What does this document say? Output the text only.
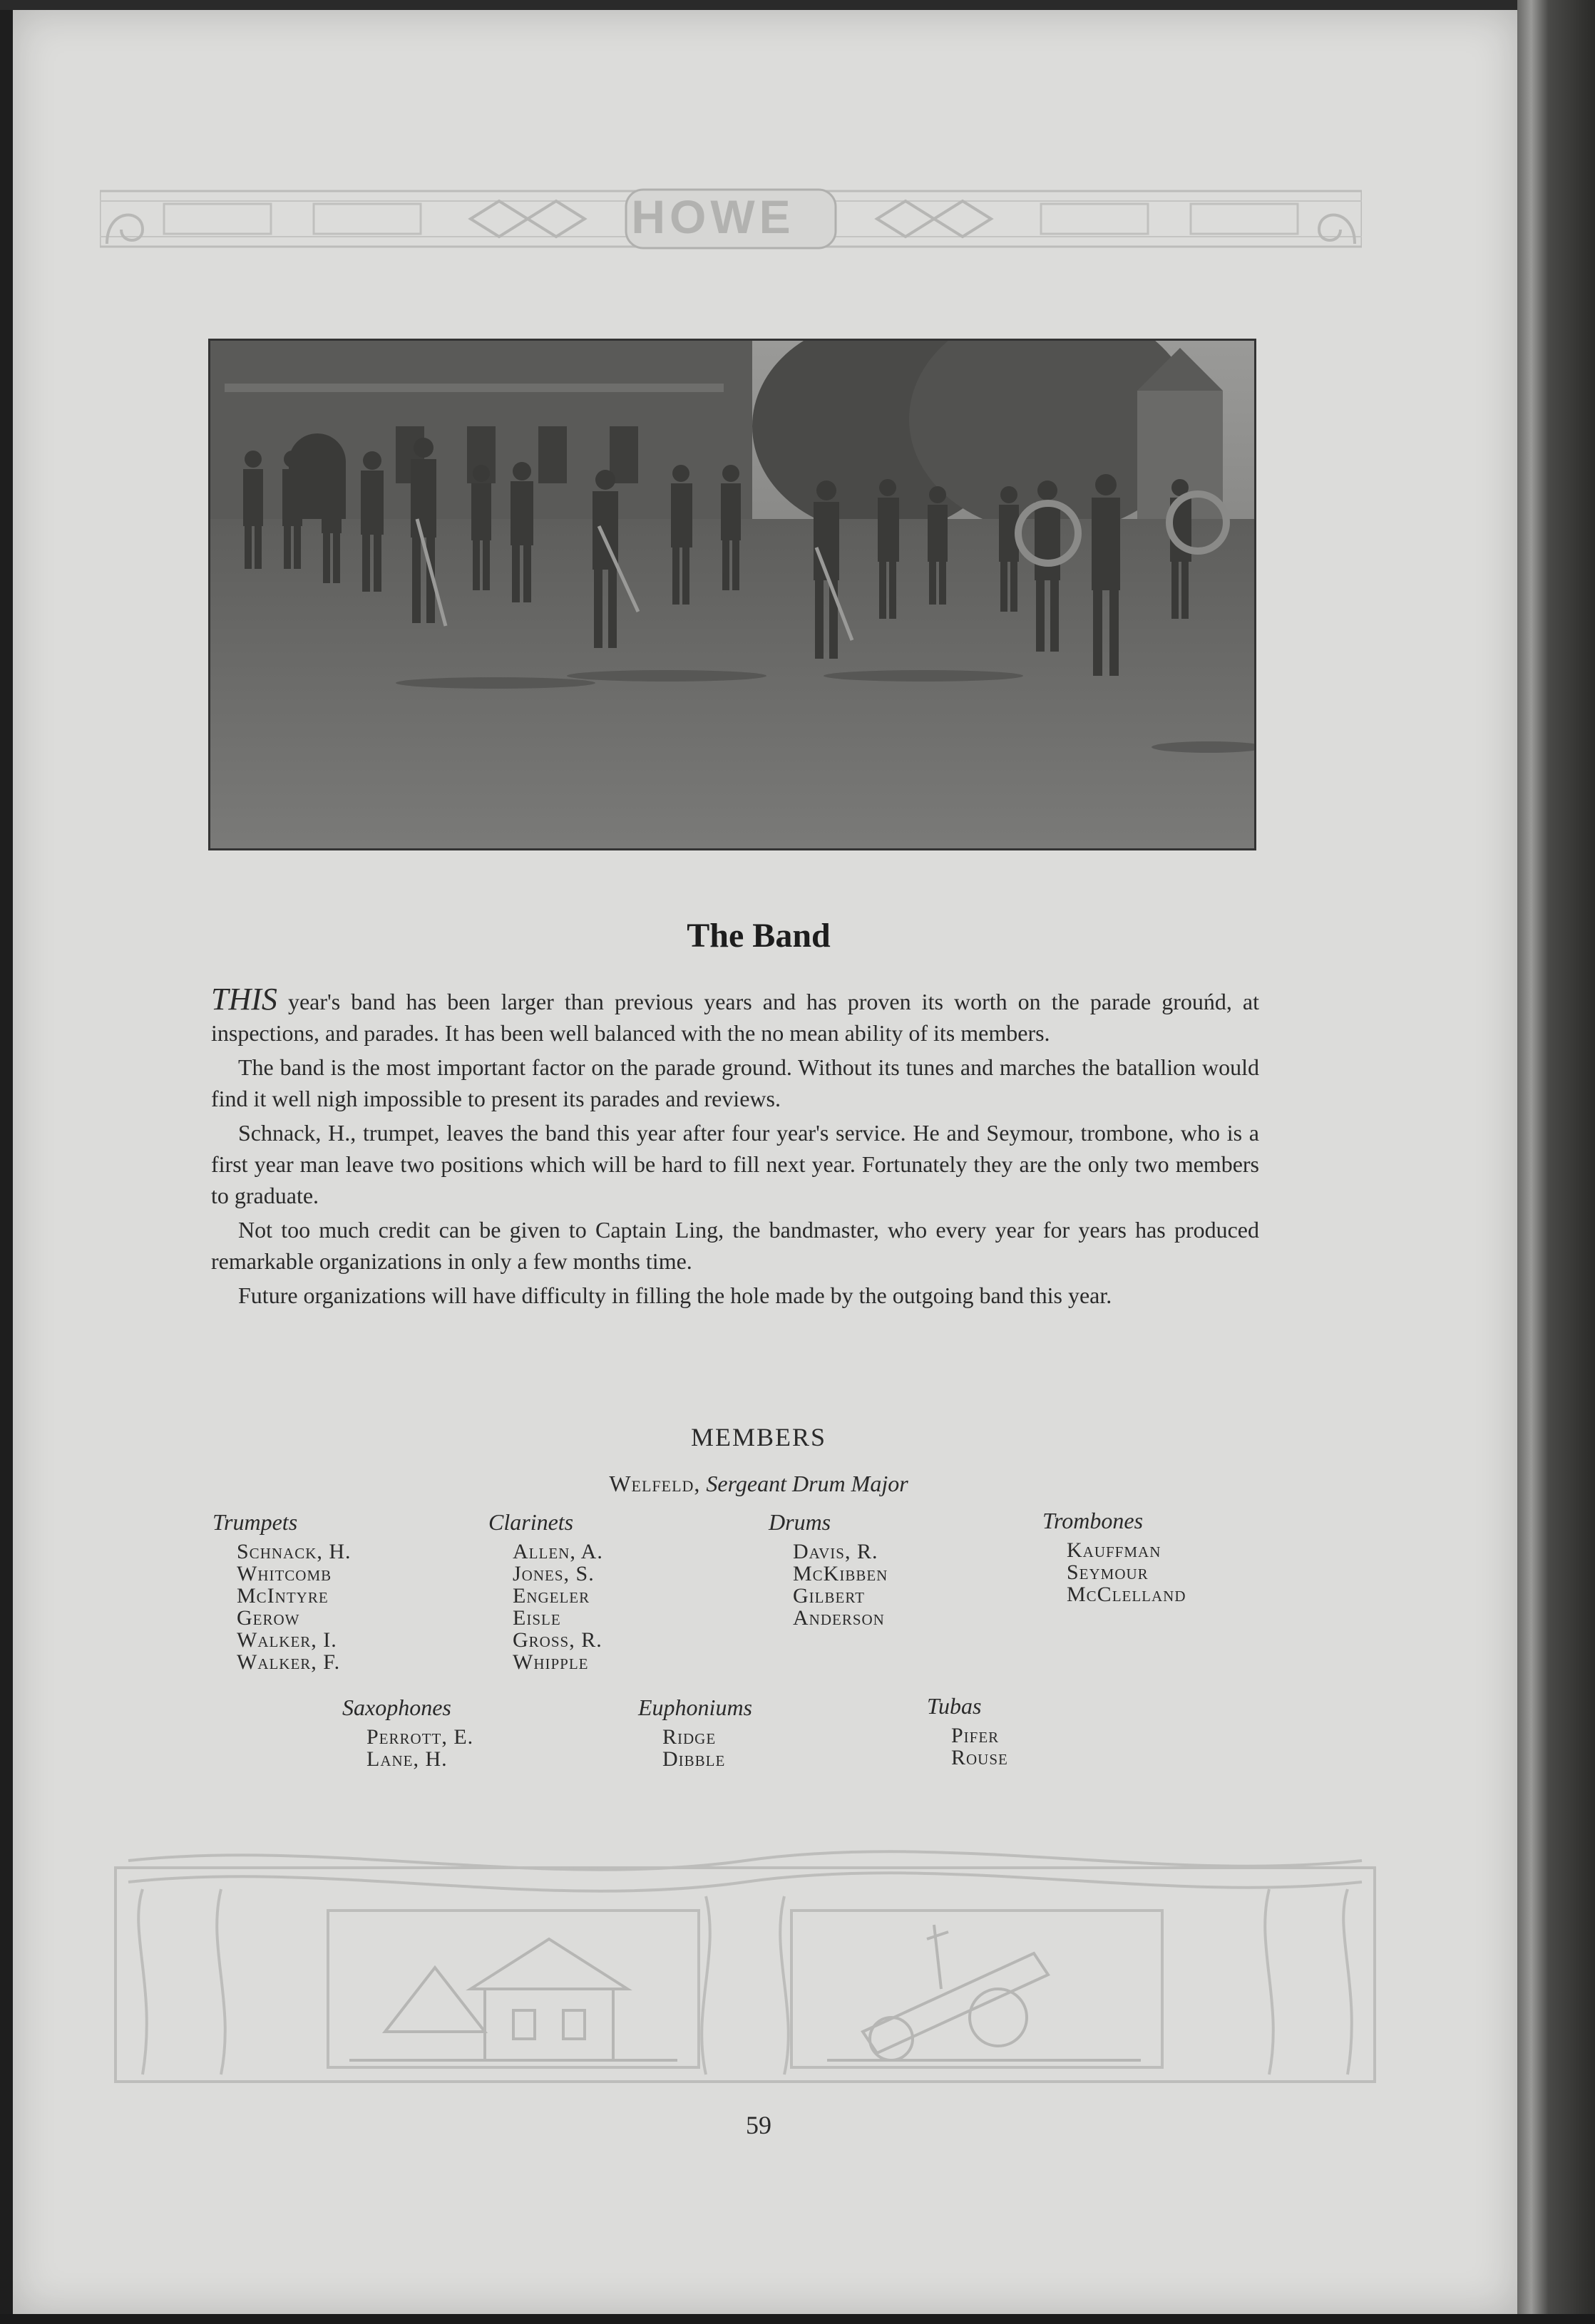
HOWE
The Band

THIS year's band has been larger than previous years and has proven its worth on the parade grouńd, at inspections, and parades. It has been well balanced with the no mean ability of its members.

The band is the most important factor on the parade ground. Without its tunes and marches the batallion would find it well nigh impossible to present its parades and reviews.

Schnack, H., trumpet, leaves the band this year after four year's service. He and Seymour, trombone, who is a first year man leave two positions which will be hard to fill next year. Fortunately they are the only two members to graduate.

Not too much credit can be given to Captain Ling, the bandmaster, who every year for years has produced remarkable organizations in only a few months time.

Future organizations will have difficulty in filling the hole made by the outgoing band this year.

MEMBERS
Welfeld, Sergeant Drum Major
Trumpets
Schnack, H.
Whitcomb
McIntyre
Gerow
Walker, I.
Walker, F.
Clarinets
Allen, A.
Jones, S.
Engeler
Eisle
Gross, R.
Whipple
Drums
Davis, R.
McKibben
Gilbert
Anderson
Trombones
Kauffman
Seymour
McClelland
Saxophones
Perrott, E.
Lane, H.
Euphoniums
Ridge
Dibble
Tubas
Pifer
Rouse
59
